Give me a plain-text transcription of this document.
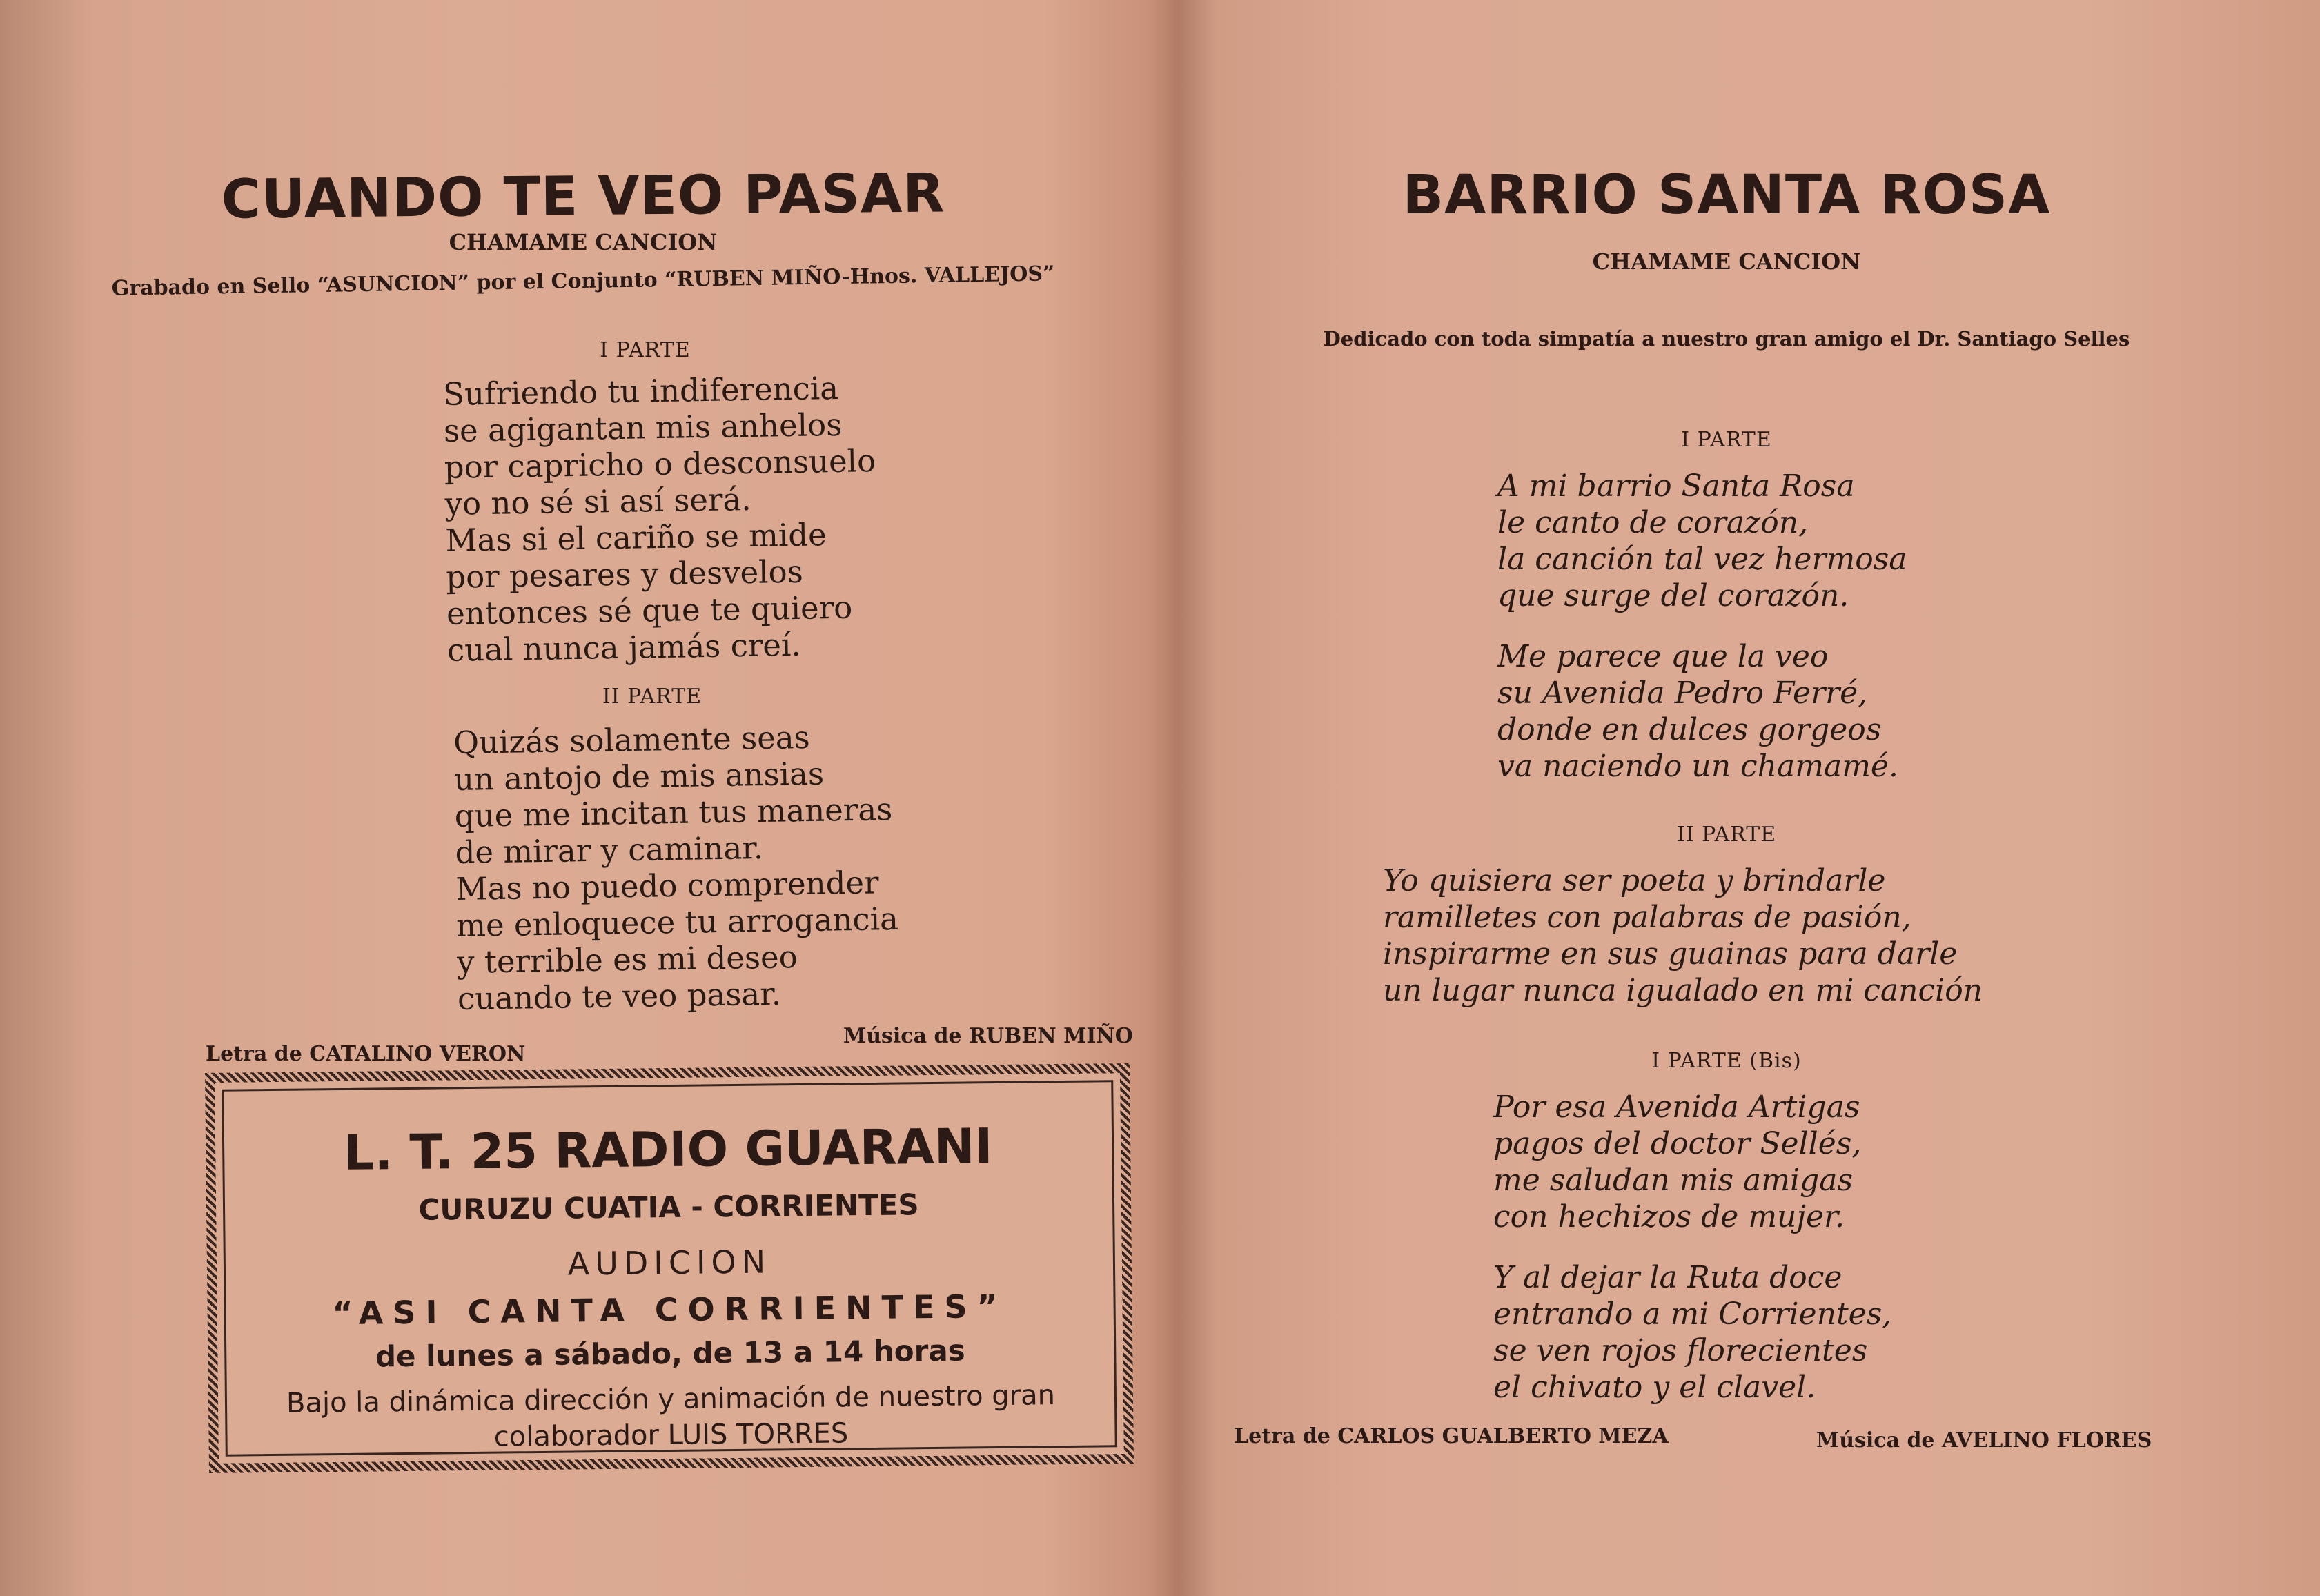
CUANDO TE VEO PASAR
CHAMAME CANCION
Grabado en Sello “ASUNCION” por el Conjunto “RUBEN MIÑO-Hnos. VALLEJOS”
I PARTE
Sufriendo tu indiferencia
se agigantan mis anhelos
por capricho o desconsuelo
yo no sé si así será.
Mas si el cariño se mide
por pesares y desvelos
entonces sé que te quiero
cual nunca jamás creí.
II PARTE
Quizás solamente seas
un antojo de mis ansias
que me incitan tus maneras
de mirar y caminar.
Mas no puedo comprender
me enloquece tu arrogancia
y terrible es mi deseo
cuando te veo pasar.
Letra de CATALINO VERON
Música de RUBEN MIÑO
L. T. 25 RADIO GUARANI
CURUZU CUATIA - CORRIENTES
AUDICION
“ASI CANTA CORRIENTES”
de lunes a sábado, de 13 a 14 horas
Bajo la dinámica dirección y animación de nuestro gran
colaborador LUIS TORRES
BARRIO SANTA ROSA
CHAMAME CANCION
Dedicado con toda simpatía a nuestro gran amigo el Dr. Santiago Selles
I PARTE
A mi barrio Santa Rosa
le canto de corazón,
la canción tal vez hermosa
que surge del corazón.
Me parece que la veo
su Avenida Pedro Ferré,
donde en dulces gorgeos
va naciendo un chamamé.
II PARTE
Yo quisiera ser poeta y brindarle
ramilletes con palabras de pasión,
inspirarme en sus guainas para darle
un lugar nunca igualado en mi canción
I PARTE (Bis)
Por esa Avenida Artigas
pagos del doctor Sellés,
me saludan mis amigas
con hechizos de mujer.
Y al dejar la Ruta doce
entrando a mi Corrientes,
se ven rojos florecientes
el chivato y el clavel.
Letra de CARLOS GUALBERTO MEZA	Música de AVELINO FLORES
